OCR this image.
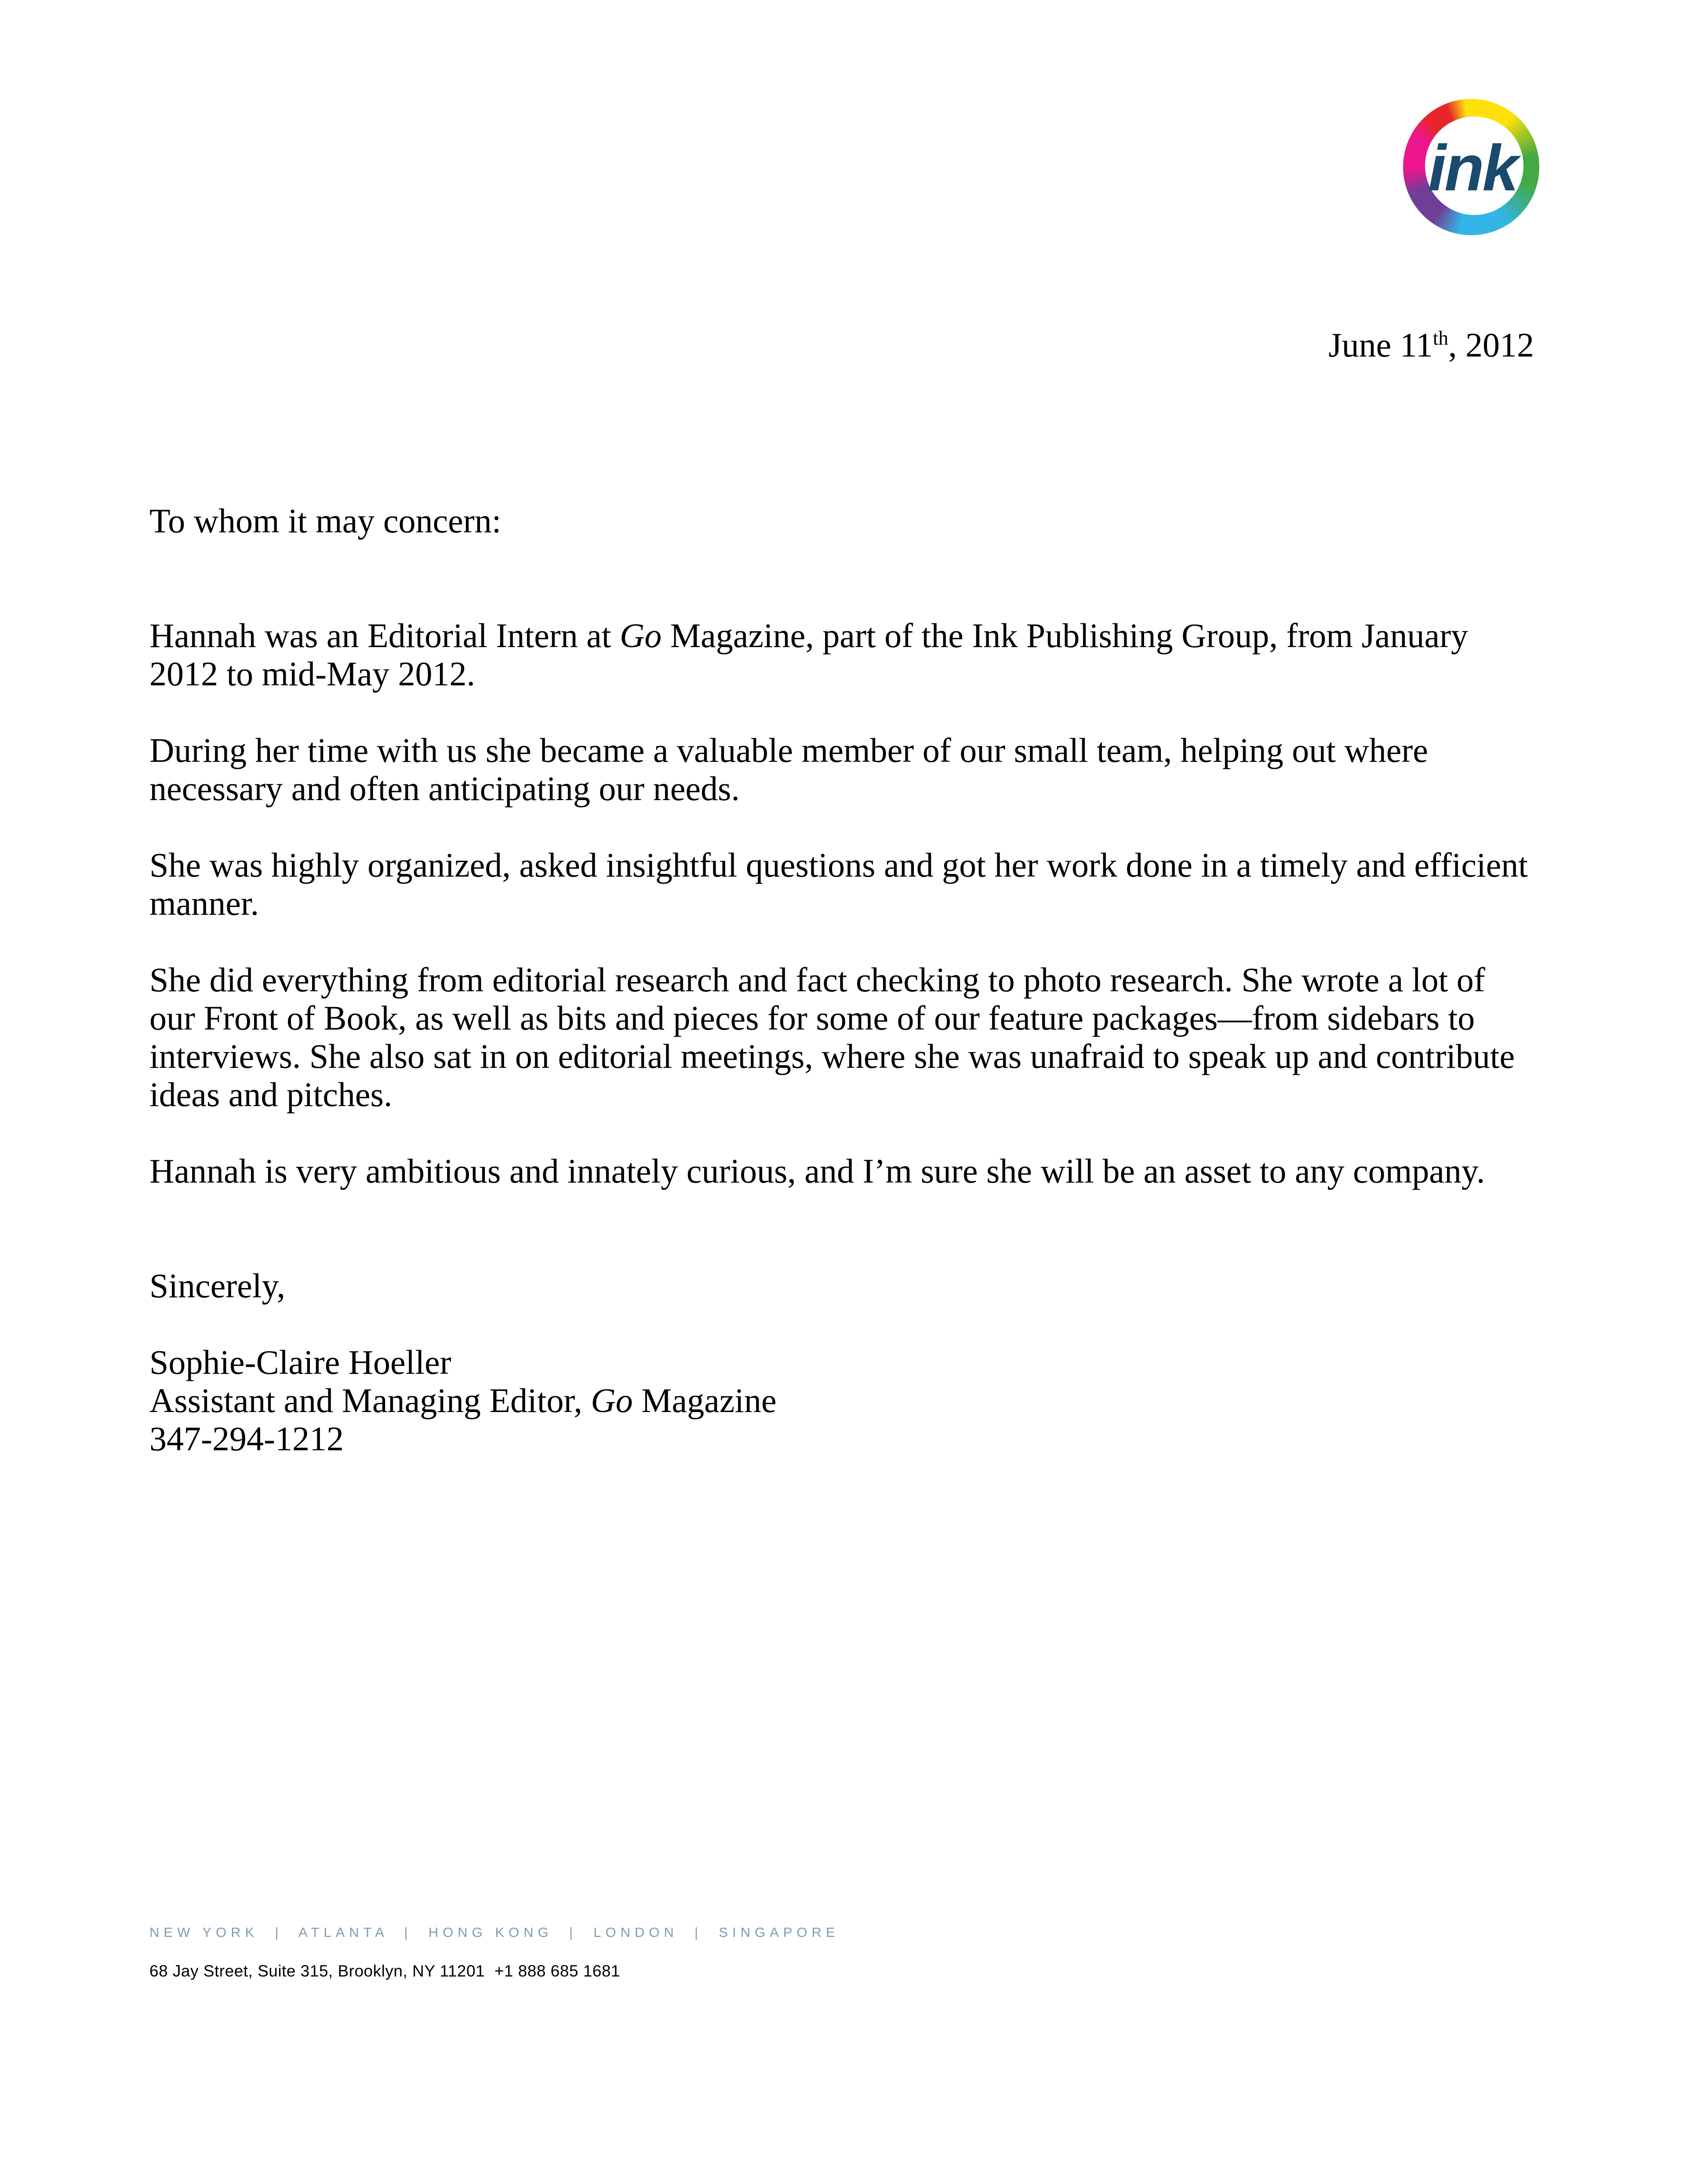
ink

June 11th, 2012

To whom it may concern:

Hannah was an Editorial Intern at Go Magazine, part of the Ink Publishing Group, from January 2012 to mid-May 2012.

During her time with us she became a valuable member of our small team, helping out where necessary and often anticipating our needs.

She was highly organized, asked insightful questions and got her work done in a timely and efficient manner.

She did everything from editorial research and fact checking to photo research. She wrote a lot of our Front of Book, as well as bits and pieces for some of our feature packages—from sidebars to interviews. She also sat in on editorial meetings, where she was unafraid to speak up and contribute ideas and pitches.

Hannah is very ambitious and innately curious, and I’m sure she will be an asset to any company.

Sincerely,

Sophie-Claire Hoeller

Assistant and Managing Editor, Go Magazine

347-294-1212

NEW YORK  |  ATLANTA  |  HONG KONG  |  LONDON  |  SINGAPORE

68 Jay Street, Suite 315, Brooklyn, NY 11201  +1 888 685 1681
